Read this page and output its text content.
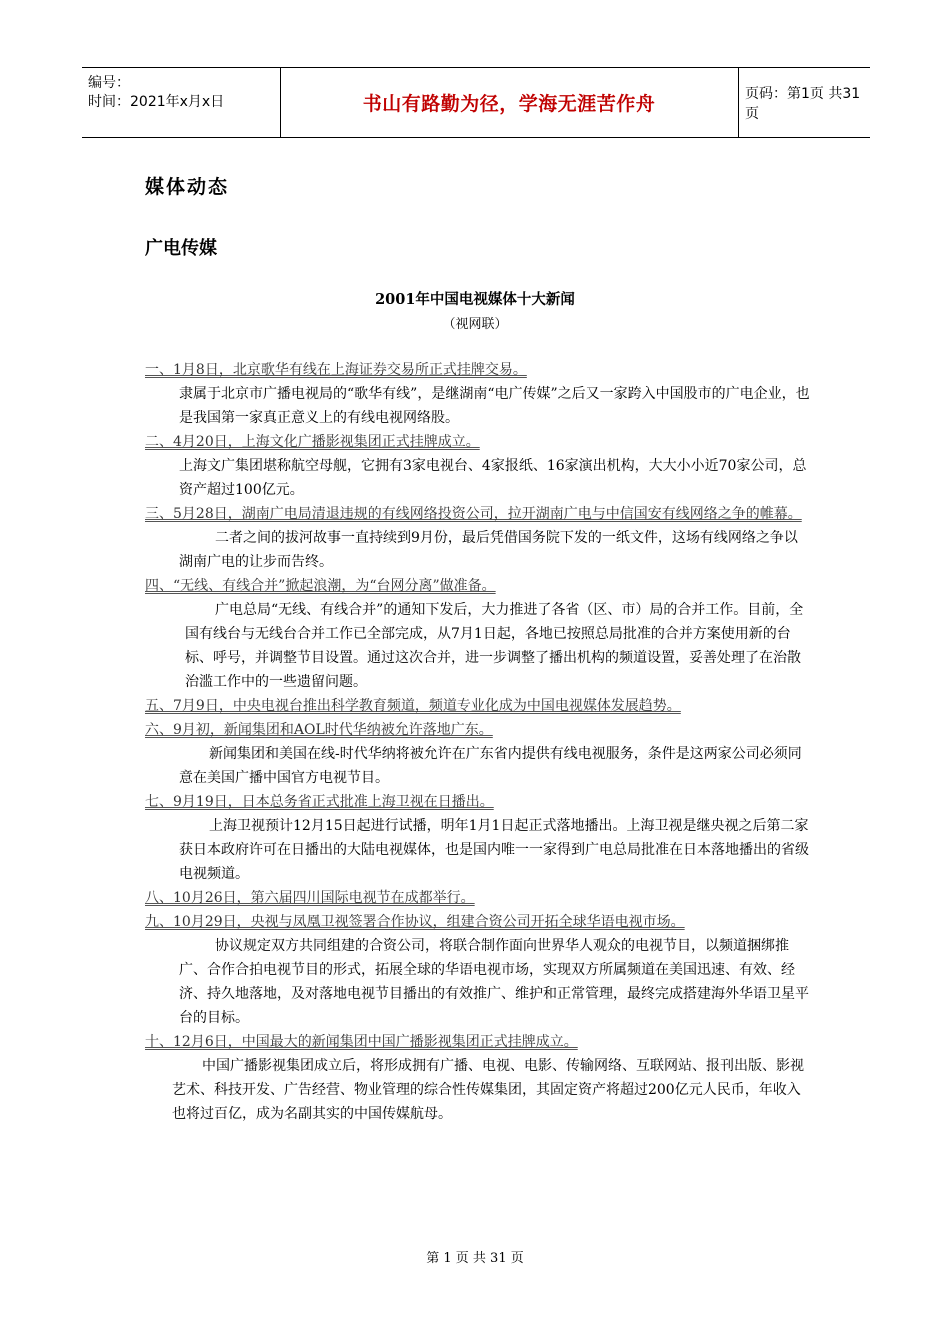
编号：
时间：2021年x月x日	书山有路勤为径，学海无涯苦作舟	页码：第1页 共31页
媒体动态
广电传媒
2001年中国电视媒体十大新闻
（视网联）

一、1月8日，北京歌华有线在上海证券交易所正式挂牌交易。

隶属于北京市广播电视局的“歌华有线”，是继湖南“电广传媒”之后又一家跨入中国股市的广电企业，也是我国第一家真正意义上的有线电视网络股。

二、4月20日，上海文化广播影视集团正式挂牌成立。

上海文广集团堪称航空母舰，它拥有3家电视台、4家报纸、16家演出机构，大大小小近70家公司，总资产超过100亿元。

三、5月28日，湖南广电局清退违规的有线网络投资公司，拉开湖南广电与中信国安有线网络之争的帷幕。

二者之间的拔河故事一直持续到9月份，最后凭借国务院下发的一纸文件，这场有线网络之争以湖南广电的让步而告终。

四、“无线、有线合并”掀起浪潮，为“台网分离”做准备。

广电总局“无线、有线合并”的通知下发后，大力推进了各省（区、市）局的合并工作。目前，全国有线台与无线台合并工作已全部完成，从7月1日起，各地已按照总局批准的合并方案使用新的台标、呼号，并调整节目设置。通过这次合并，进一步调整了播出机构的频道设置，妥善处理了在治散治滥工作中的一些遗留问题。

五、7月9日，中央电视台推出科学教育频道，频道专业化成为中国电视媒体发展趋势。

六、9月初，新闻集团和AOL时代华纳被允许落地广东。

新闻集团和美国在线-时代华纳将被允许在广东省内提供有线电视服务，条件是这两家公司必须同意在美国广播中国官方电视节目。

七、9月19日，日本总务省正式批准上海卫视在日播出。

上海卫视预计12月15日起进行试播，明年1月1日起正式落地播出。上海卫视是继央视之后第二家获日本政府许可在日播出的大陆电视媒体，也是国内唯一一家得到广电总局批准在日本落地播出的省级电视频道。

八、10月26日，第六届四川国际电视节在成都举行。

九、10月29日，央视与凤凰卫视签署合作协议，组建合资公司开拓全球华语电视市场。

协议规定双方共同组建的合资公司，将联合制作面向世界华人观众的电视节目，以频道捆绑推广、合作合拍电视节目的形式，拓展全球的华语电视市场，实现双方所属频道在美国迅速、有效、经济、持久地落地，及对落地电视节目播出的有效推广、维护和正常管理，最终完成搭建海外华语卫星平台的目标。

十、12月6日，中国最大的新闻集团中国广播影视集团正式挂牌成立。

中国广播影视集团成立后，将形成拥有广播、电视、电影、传输网络、互联网站、报刊出版、影视艺术、科技开发、广告经营、物业管理的综合性传媒集团，其固定资产将超过200亿元人民币，年收入也将过百亿，成为名副其实的中国传媒航母。

第 1 页 共 31 页
